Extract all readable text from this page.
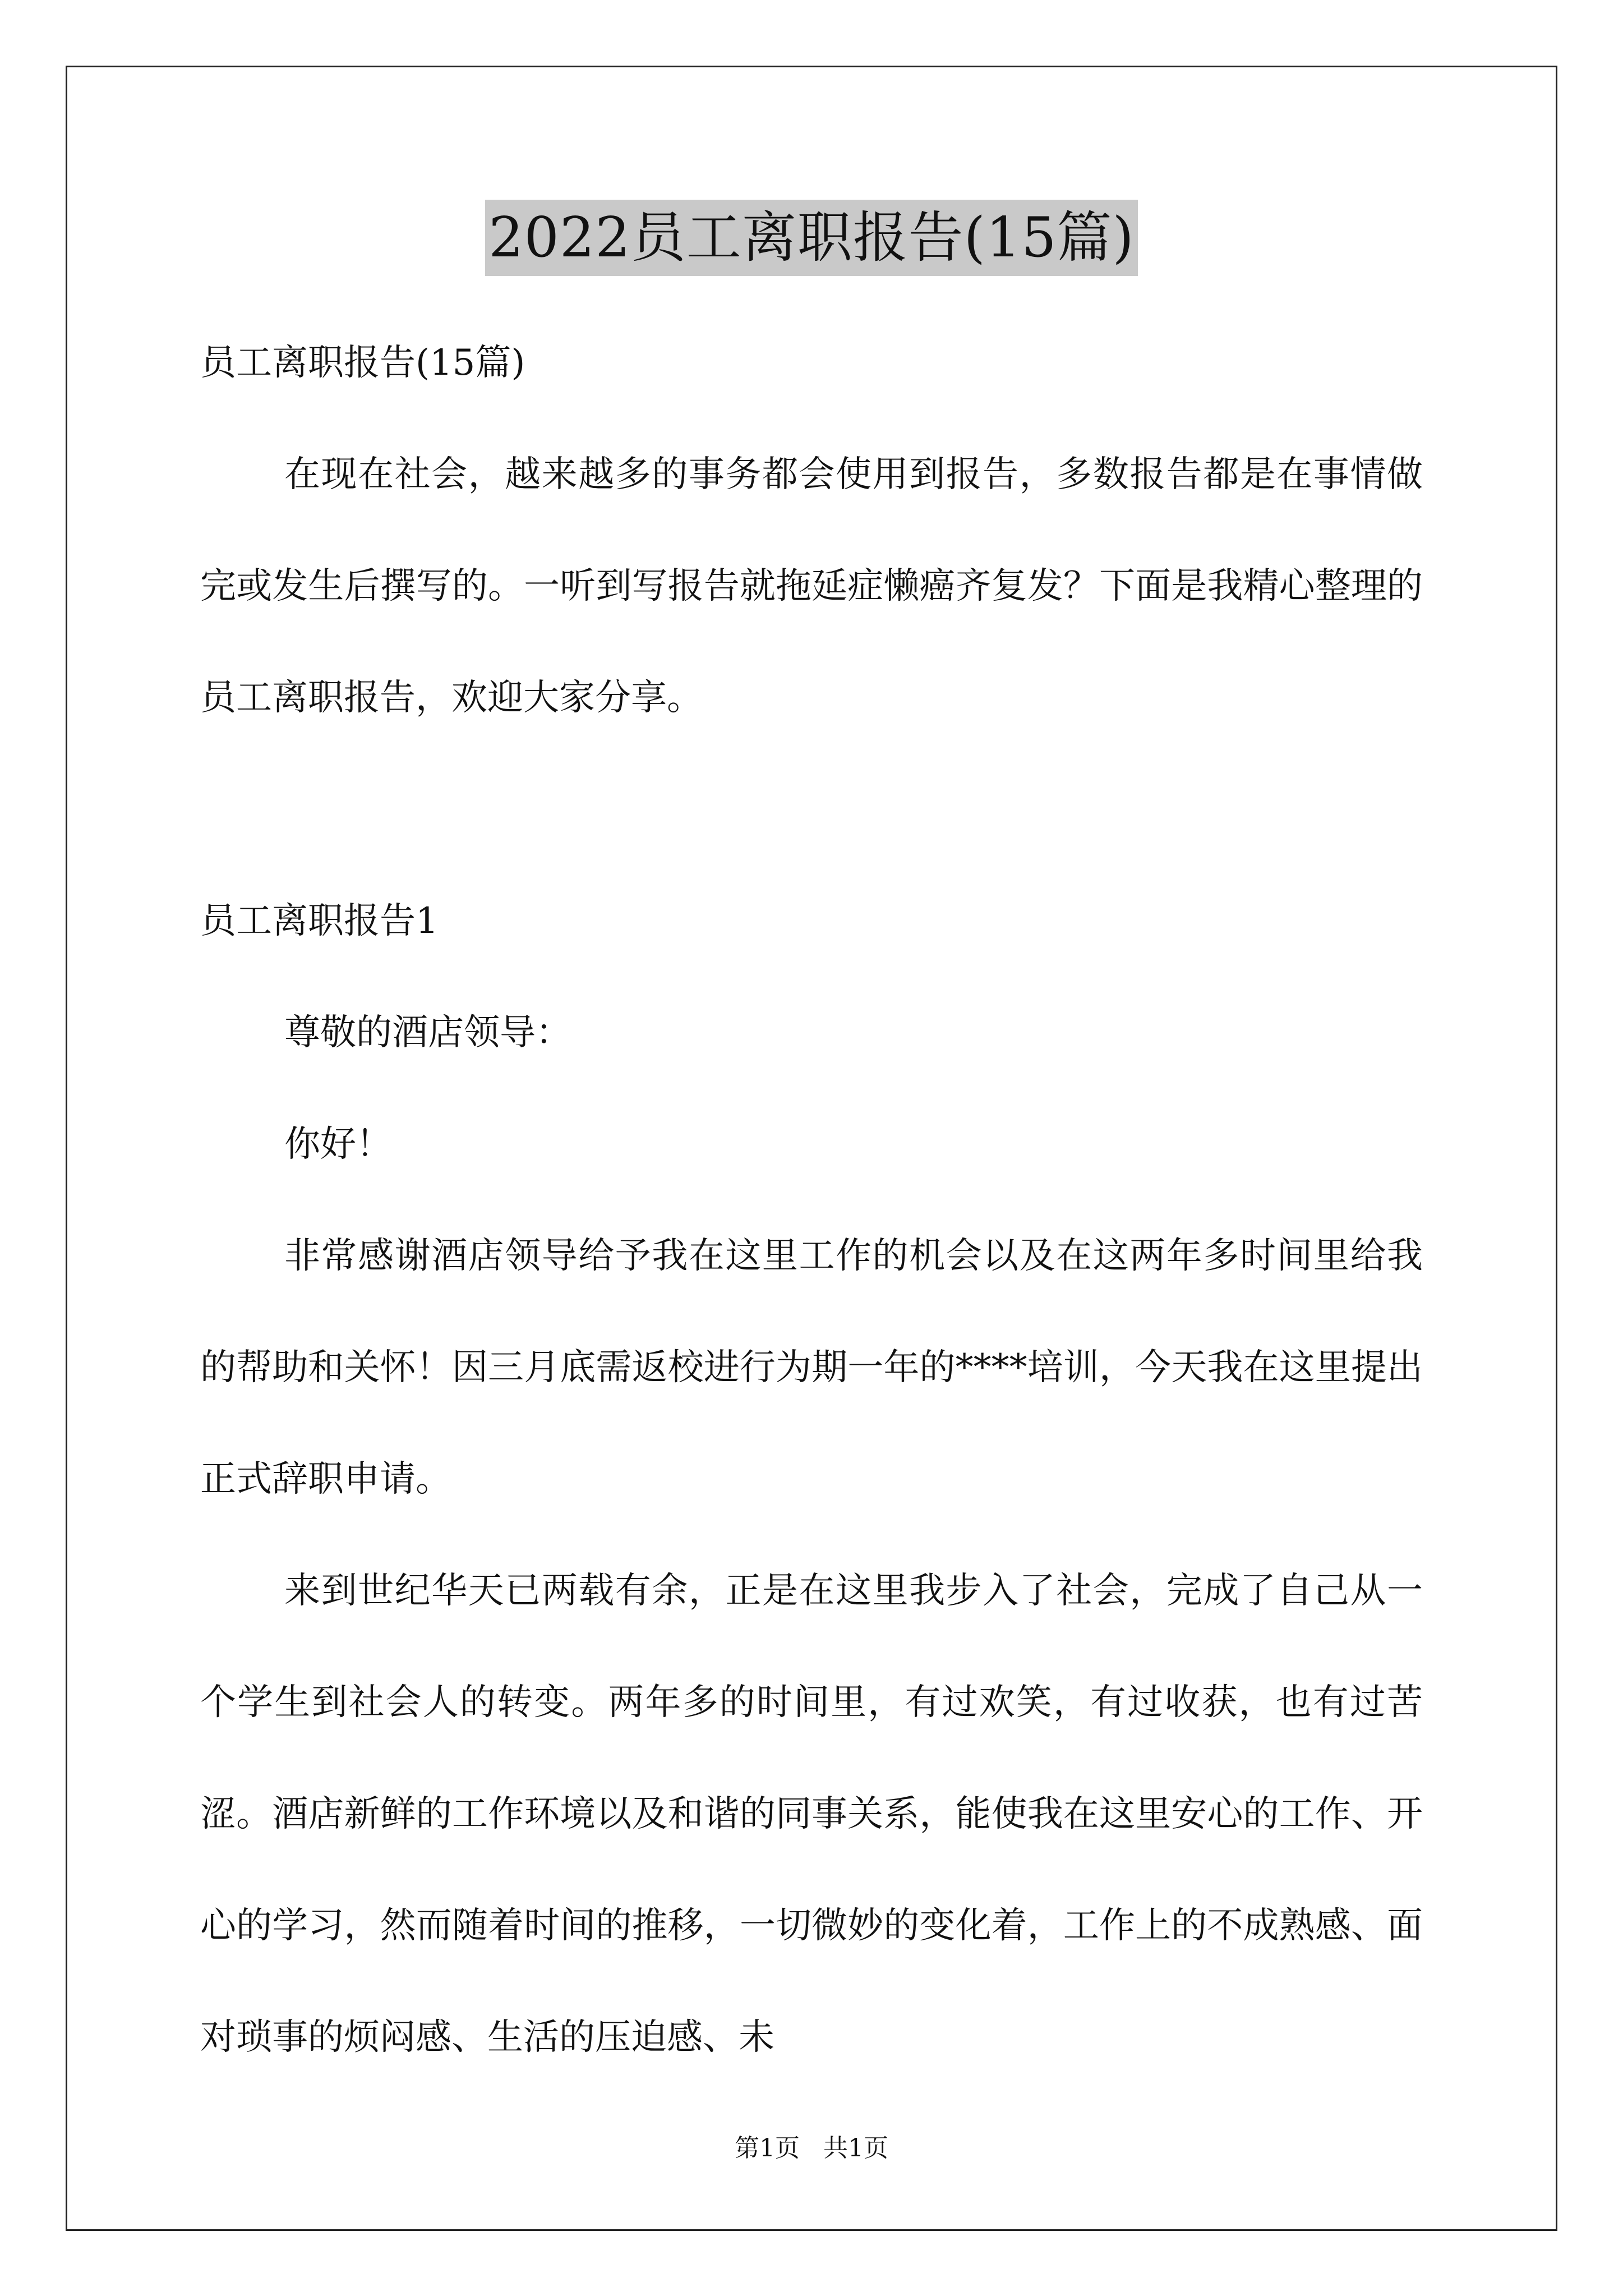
2022员工离职报告(15篇)

员工离职报告(15篇)

在现在社会，越来越多的事务都会使用到报告，多数报告都是在事情做完或发生后撰写的。一听到写报告就拖延症懒癌齐复发？下面是我精心整理的员工离职报告，欢迎大家分享。

员工离职报告1

尊敬的酒店领导：

你好！

非常感谢酒店领导给予我在这里工作的机会以及在这两年多时间里给我的帮助和关怀！因三月底需返校进行为期一年的****培训，今天我在这里提出正式辞职申请。

来到世纪华天已两载有余，正是在这里我步入了社会，完成了自己从一个学生到社会人的转变。两年多的时间里，有过欢笑，有过收获，也有过苦涩。酒店新鲜的工作环境以及和谐的同事关系，能使我在这里安心的工作、开心的学习，然而随着时间的推移，一切微妙的变化着，工作上的不成熟感、面对琐事的烦闷感、生活的压迫感、未

第1页   共1页
